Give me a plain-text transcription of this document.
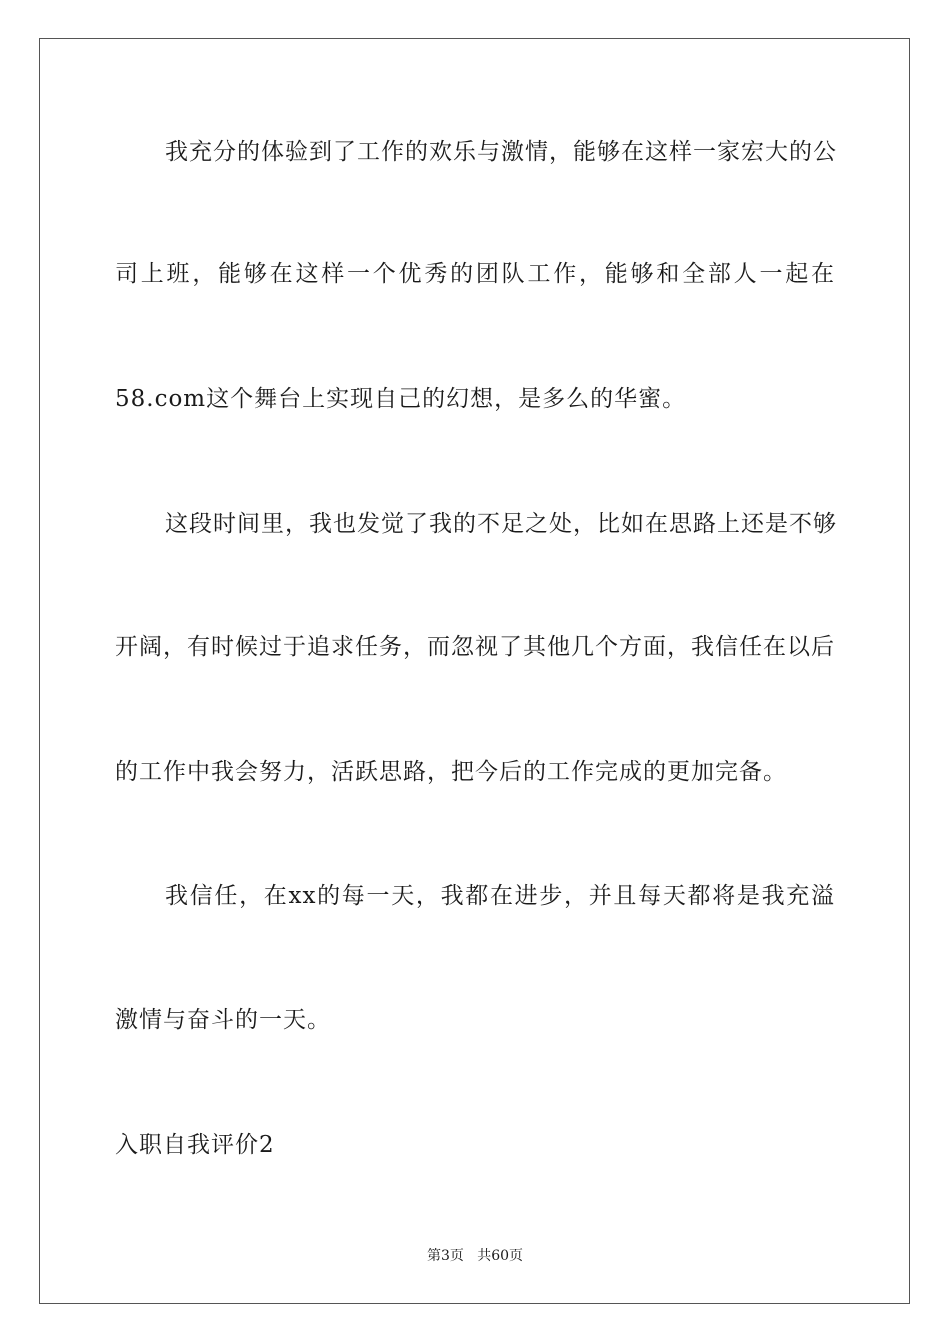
我充分的体验到了工作的欢乐与激情，能够在这样一家宏大的公
司上班，能够在这样一个优秀的团队工作，能够和全部人一起在
58.com这个舞台上实现自己的幻想，是多么的华蜜。
这段时间里，我也发觉了我的不足之处，比如在思路上还是不够
开阔，有时候过于追求任务，而忽视了其他几个方面，我信任在以后
的工作中我会努力，活跃思路，把今后的工作完成的更加完备。
我信任，在xx的每一天，我都在进步，并且每天都将是我充溢
激情与奋斗的一天。
入职自我评价2
第3页   共60页
